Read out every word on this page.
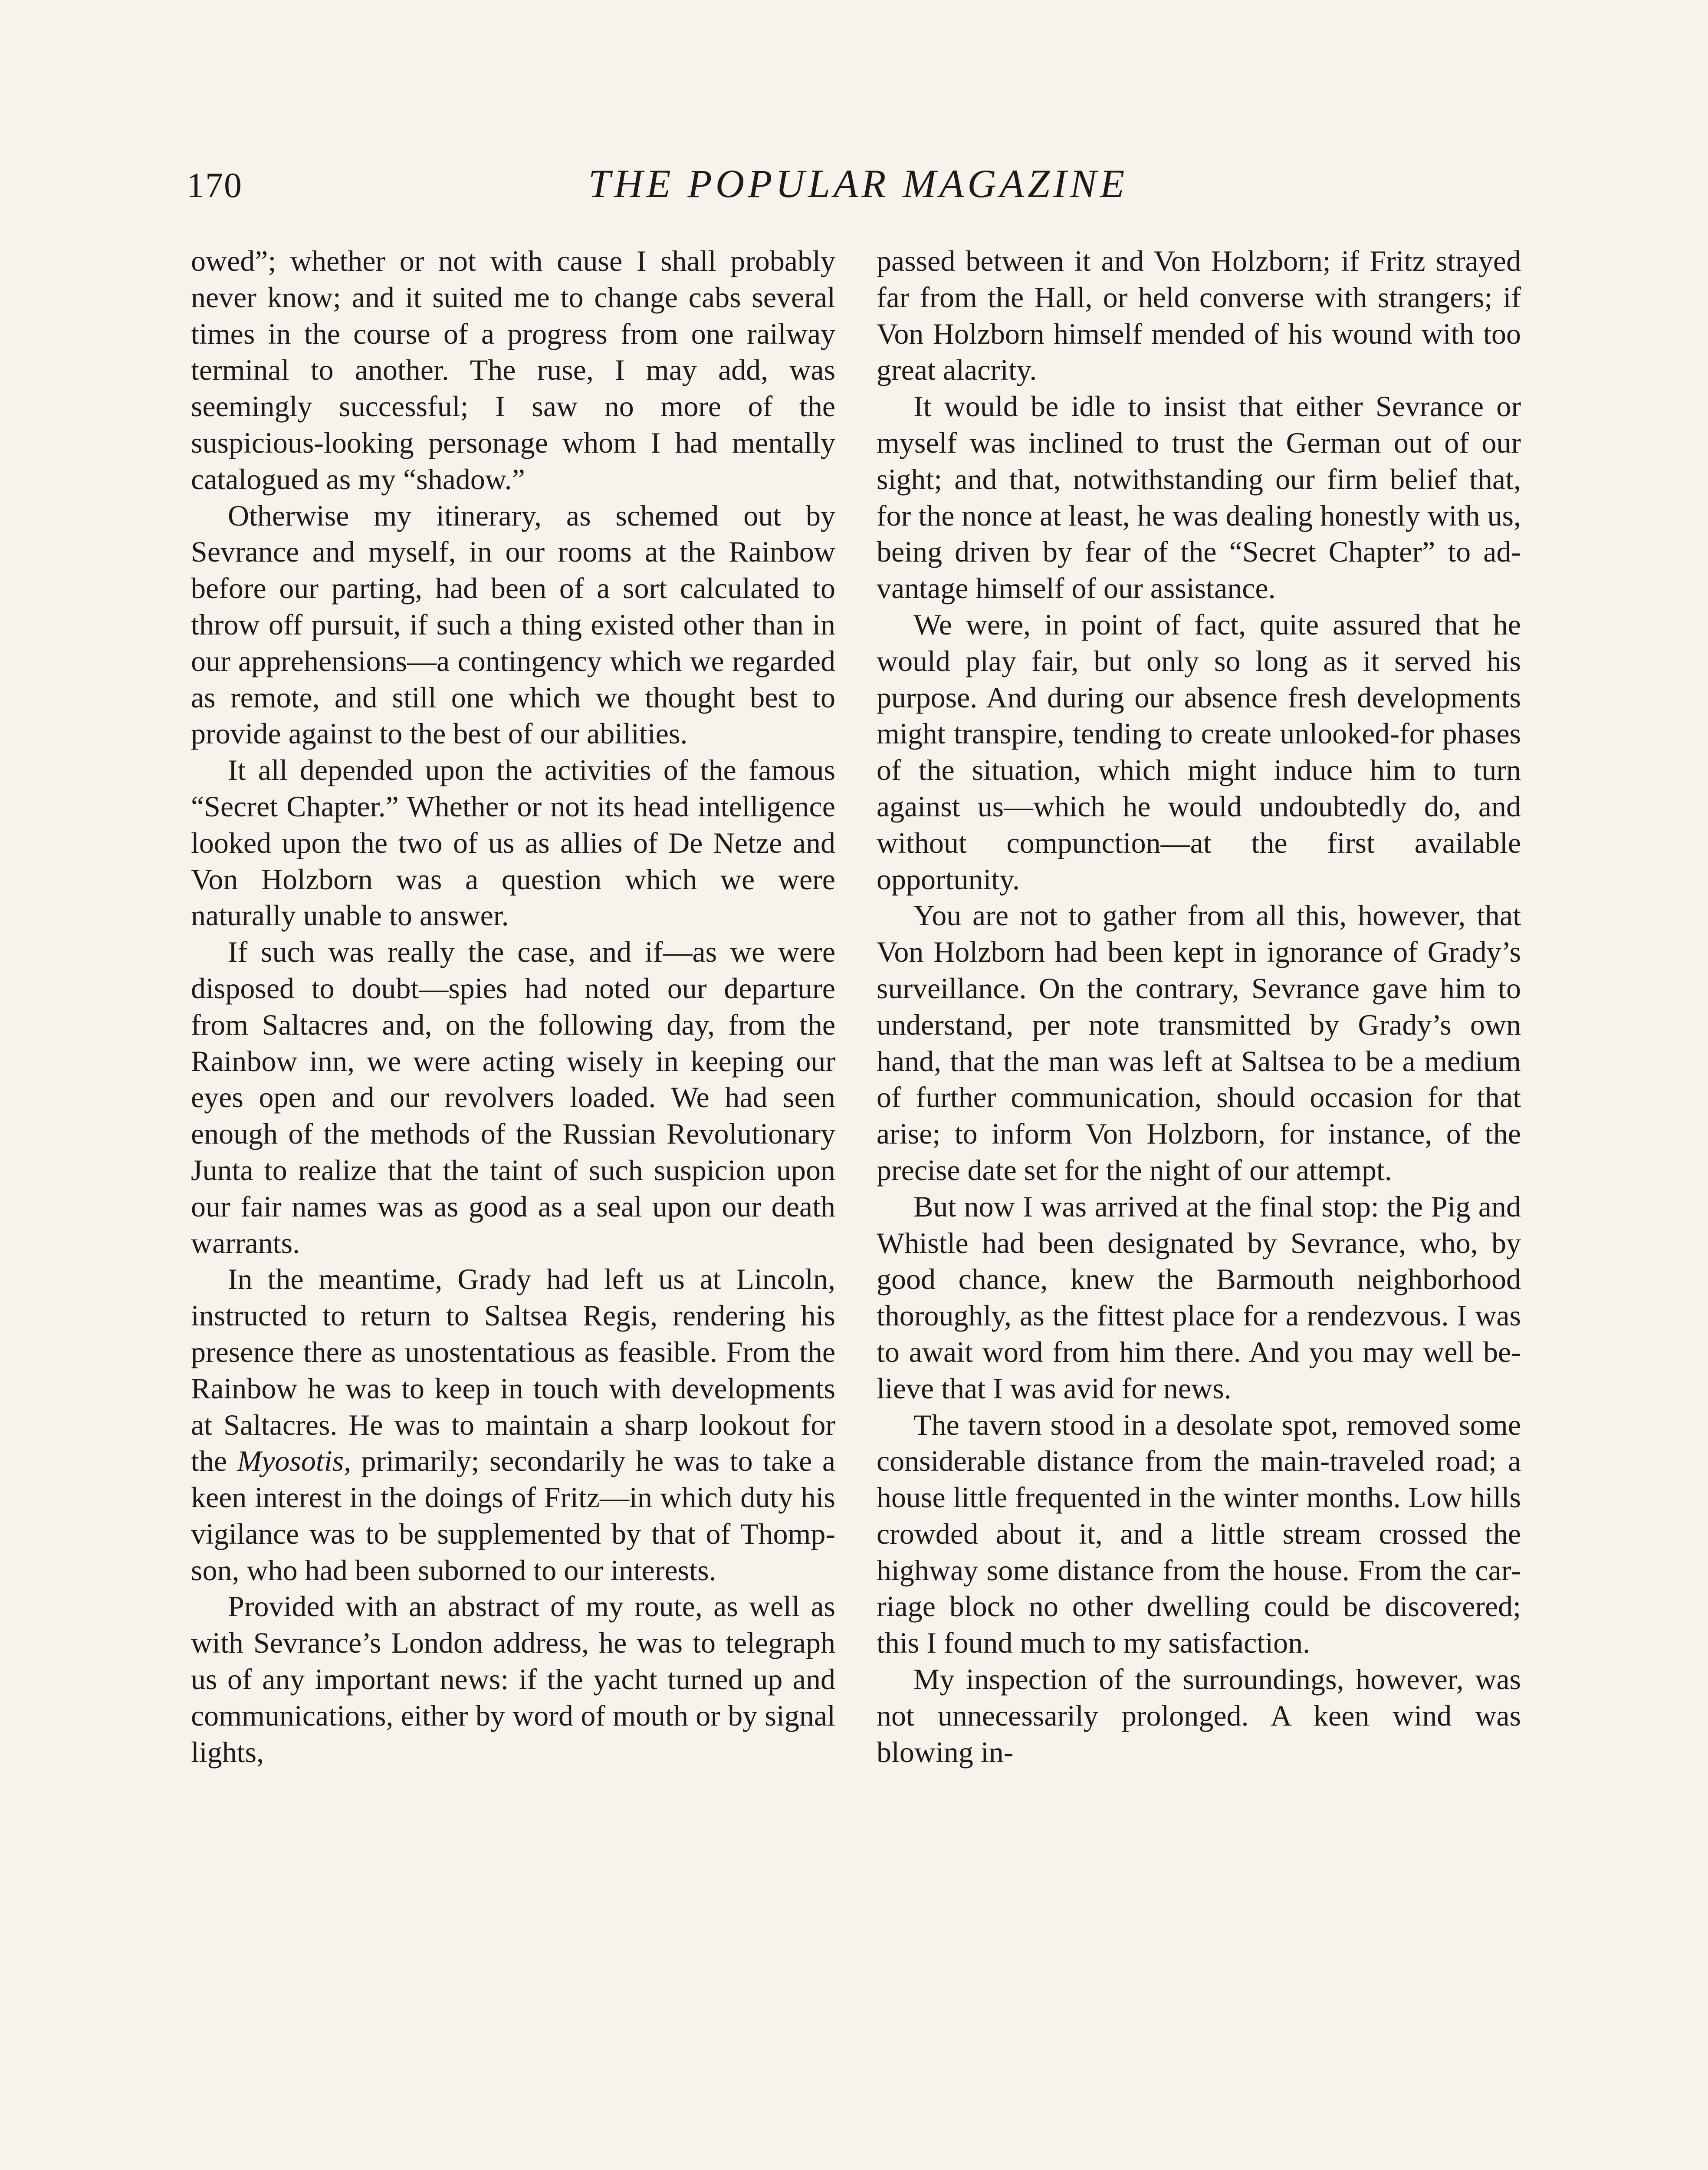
170	THE POPULAR MAGAZINE

owed”; whether or not with cause I shall probably never know; and it suited me to change cabs several times in the course of a progress from one railway terminal to another. The ruse, I may add, was seemingly successful; I saw no more of the suspicious-looking personage whom I had mentally catalogued as my “shadow.”

Otherwise my itinerary, as schemed out by Sevrance and myself, in our rooms at the Rainbow before our parting, had been of a sort calculated to throw off pursuit, if such a thing existed other than in our apprehensions—a contingency which we regarded as remote, and still one which we thought best to provide against to the best of our abilities.

It all depended upon the activities of the famous “Secret Chapter.” Whether or not its head intelligence looked upon the two of us as allies of De Netze and Von Holzborn was a question which we were naturally unable to answer.

If such was really the case, and if—as we were disposed to doubt—spies had noted our departure from Saltacres and, on the following day, from the Rainbow inn, we were acting wisely in keeping our eyes open and our revolvers loaded. We had seen enough of the methods of the Russian Revolutionary Junta to realize that the taint of such suspicion upon our fair names was as good as a seal upon our death warrants.

In the meantime, Grady had left us at Lincoln, instructed to return to Saltsea Regis, rendering his presence there as unostentatious as feasible. From the Rainbow he was to keep in touch with developments at Saltacres. He was to maintain a sharp lookout for the Myosotis, primarily; secondarily he was to take a keen interest in the doings of Fritz—in which duty his vigilance was to be supplemented by that of Thompson, who had been suborned to our interests.

Provided with an abstract of my route, as well as with Sevrance’s London address, he was to telegraph us of any important news: if the yacht turned up and communications, either by word of mouth or by signal lights,

passed between it and Von Holzborn; if Fritz strayed far from the Hall, or held converse with strangers; if Von Holzborn himself mended of his wound with too great alacrity.

It would be idle to insist that either Sevrance or myself was inclined to trust the German out of our sight; and that, notwithstanding our firm belief that, for the nonce at least, he was dealing honestly with us, being driven by fear of the “Secret Chapter” to advantage himself of our assistance.

We were, in point of fact, quite assured that he would play fair, but only so long as it served his purpose. And during our absence fresh developments might transpire, tending to create unlooked-for phases of the situation, which might induce him to turn against us—which he would undoubtedly do, and without compunction—at the first available opportunity.

You are not to gather from all this, however, that Von Holzborn had been kept in ignorance of Grady’s surveillance. On the contrary, Sevrance gave him to understand, per note transmitted by Grady’s own hand, that the man was left at Saltsea to be a medium of further communication, should occasion for that arise; to inform Von Holzborn, for instance, of the precise date set for the night of our attempt.

But now I was arrived at the final stop: the Pig and Whistle had been designated by Sevrance, who, by good chance, knew the Barmouth neighborhood thoroughly, as the fittest place for a rendezvous. I was to await word from him there. And you may well believe that I was avid for news.

The tavern stood in a desolate spot, removed some considerable distance from the main-traveled road; a house little frequented in the winter months. Low hills crowded about it, and a little stream crossed the highway some distance from the house. From the carriage block no other dwelling could be discovered; this I found much to my satisfaction.

My inspection of the surroundings, however, was not unnecessarily prolonged. A keen wind was blowing in-
